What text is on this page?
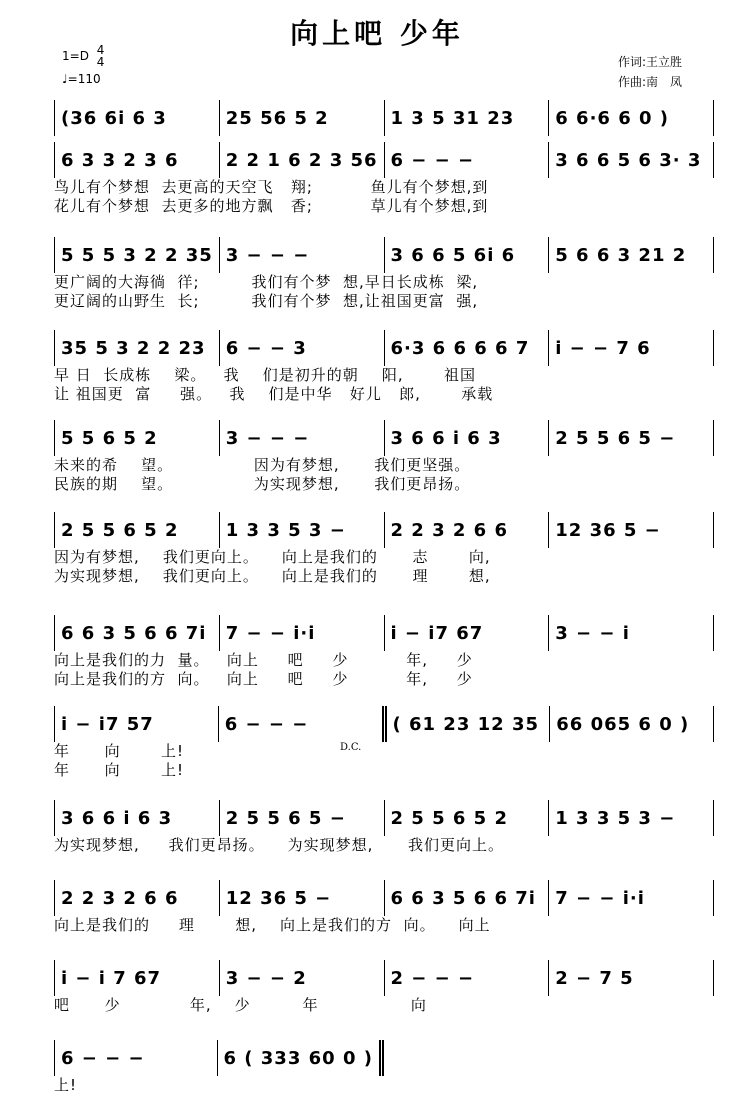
向上吧 少年
1=D 4
4
♩=110
作词:王立胜
作曲:南　凤
(36 6i 6 3	25 56 5 2	1 3 5 31 23	6 6·6 6 0 )
6 3 3 2 3 6	2 2 1 6 2 3 56 6 − − −	3 6 6 5 6 3· 3
鸟儿有个梦想  去更高的天空飞   翔;          鱼儿有个梦想,到
花儿有个梦想  去更多的地方飘   香;          草儿有个梦想,到
5 5 5 3 2 2 35 3 − − −	3 6 6 5 6i 6	5 6 6 3 21 2
更广阔的大海徜  徉;         我们有个梦  想,早日长成栋  梁,
更辽阔的山野生  长;         我们有个梦  想,让祖国更富  强,
35 5 3 2 2 23	6 − − 3	6·3 6 6 6 6 7	i − − 7 6
早 日  长成栋    梁。   我    们是初升的朝    阳,       祖国
让 祖国更  富     强。   我    们是中华   好儿   郎,       承载
5 5 6 5 2	3 − − −	3 6 6 i 6 3	2 5 5 6 5 −
未来的希    望。              因为有梦想,      我们更坚强。
民族的期    望。              为实现梦想,      我们更昂扬。
2 5 5 6 5 2	1 3 3 5 3 −	2 2 3 2 6 6	12 36 5 −
因为有梦想,    我们更向上。    向上是我们的      志       向,
为实现梦想,    我们更向上。    向上是我们的      理       想,
6 6 3 5 6 6 7i	7 − − i·i	i − i7 67	3 − − i
向上是我们的力  量。   向上     吧     少          年,     少
向上是我们的方  向。   向上     吧     少          年,     少
i − i7 57	6 − − −	( 61 23 12 35 66 065 6 0 )
年      向       上!
年      向       上!
3 6 6 i 6 3	2 5 5 6 5 −	2 5 5 6 5 2	1 3 3 5 3 −
为实现梦想,     我们更昂扬。    为实现梦想,      我们更向上。
2 2 3 2 6 6	12 36 5 −	6 6 3 5 6 6 7i	7 − − i·i
向上是我们的     理       想,    向上是我们的方  向。    向上
i − i 7 67	3 − − 2	2 − − −	2 − 7 5
吧      少            年,    少         年                向
6 − − −	6 ( 333 60 0 )
上!
D.C.
